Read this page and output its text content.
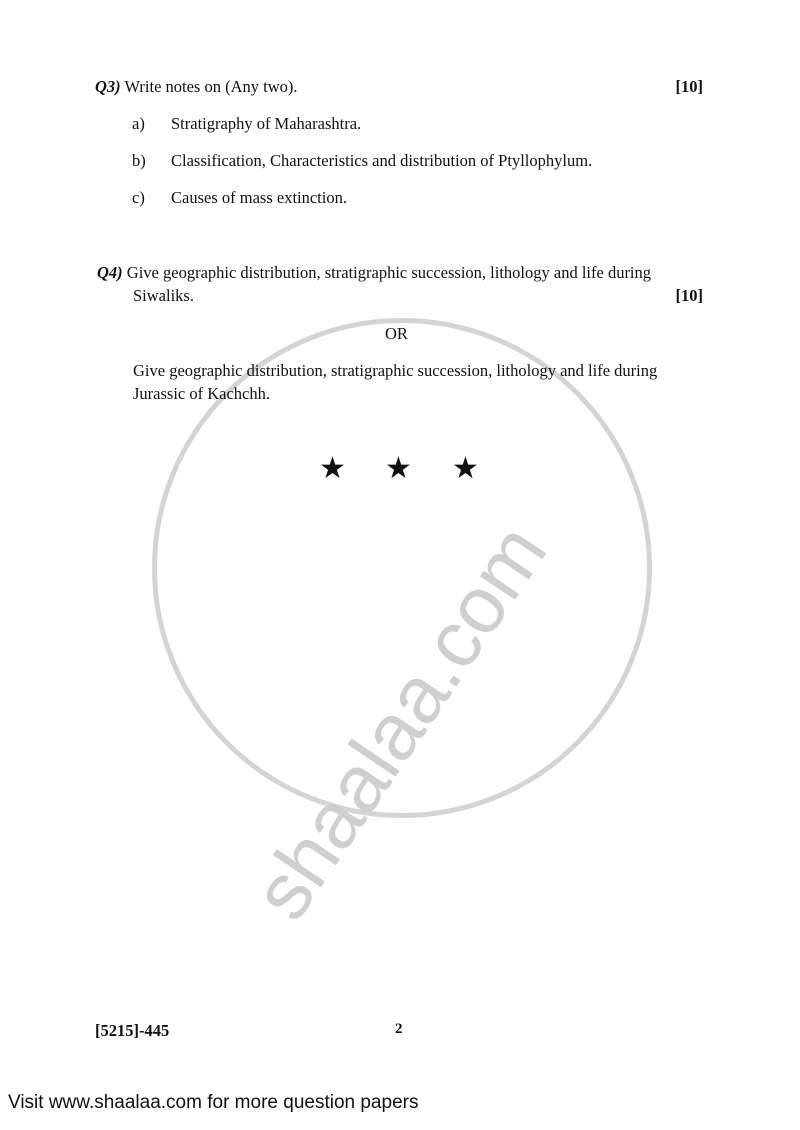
shaalaa.com
Q3) Write notes on (Any two).	[10]
a) Stratigraphy of Maharashtra.
b) Classification, Characteristics and distribution of Ptyllophylum.
c) Causes of mass extinction.
Q4) Give geographic distribution, stratigraphic succession, lithology and life during
Siwaliks.	[10]
OR
Give geographic distribution, stratigraphic succession, lithology and life during
Jurassic of Kachchh.
★ ★ ★
[5215]-445	2
Visit www.shaalaa.com for more question papers
